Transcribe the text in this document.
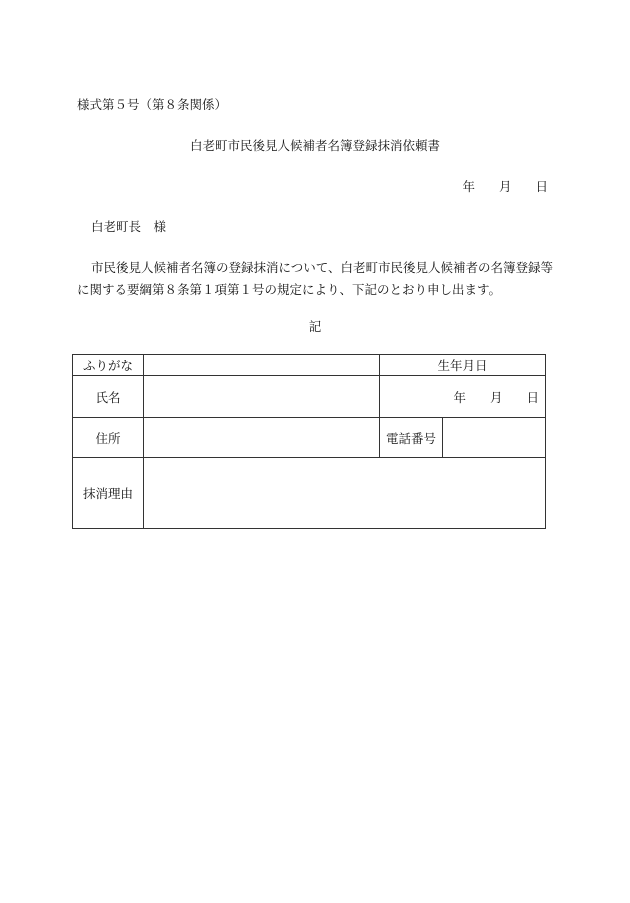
様式第５号（第８条関係）
白老町市民後見人候補者名簿登録抹消依頼書
年 月 日
白老町長　様

市民後見人候補者名簿の登録抹消について、白老町市民後見人候補者の名簿登録等に関する要綱第８条第１項第１号の規定により、下記のとおり申し出ます。

記
ふりがな		生年月日	
氏名		年 月 日	
住所		電話番号	
抹消理由			
